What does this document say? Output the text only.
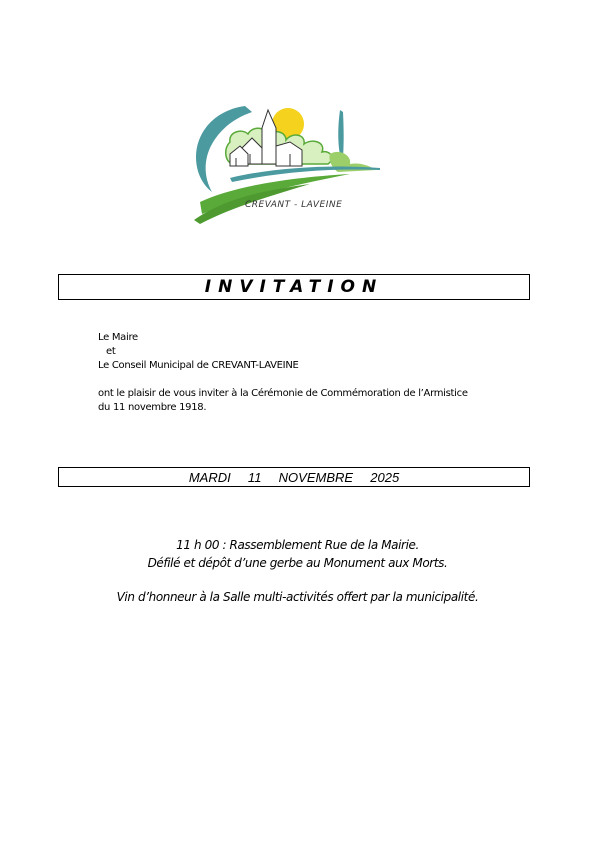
CREVANT - LAVEINE
INVITATION
Le Maire
et
Le Conseil Municipal de CREVANT-LAVEINE
ont le plaisir de vous inviter à la Cérémonie de Commémoration de l’Armistice
du 11 novembre 1918.
MARDI  11  NOVEMBRE  2025
11 h 00 : Rassemblement Rue de la Mairie.
Défilé et dépôt d’une gerbe au Monument aux Morts.
Vin d’honneur à la Salle multi-activités offert par la municipalité.
